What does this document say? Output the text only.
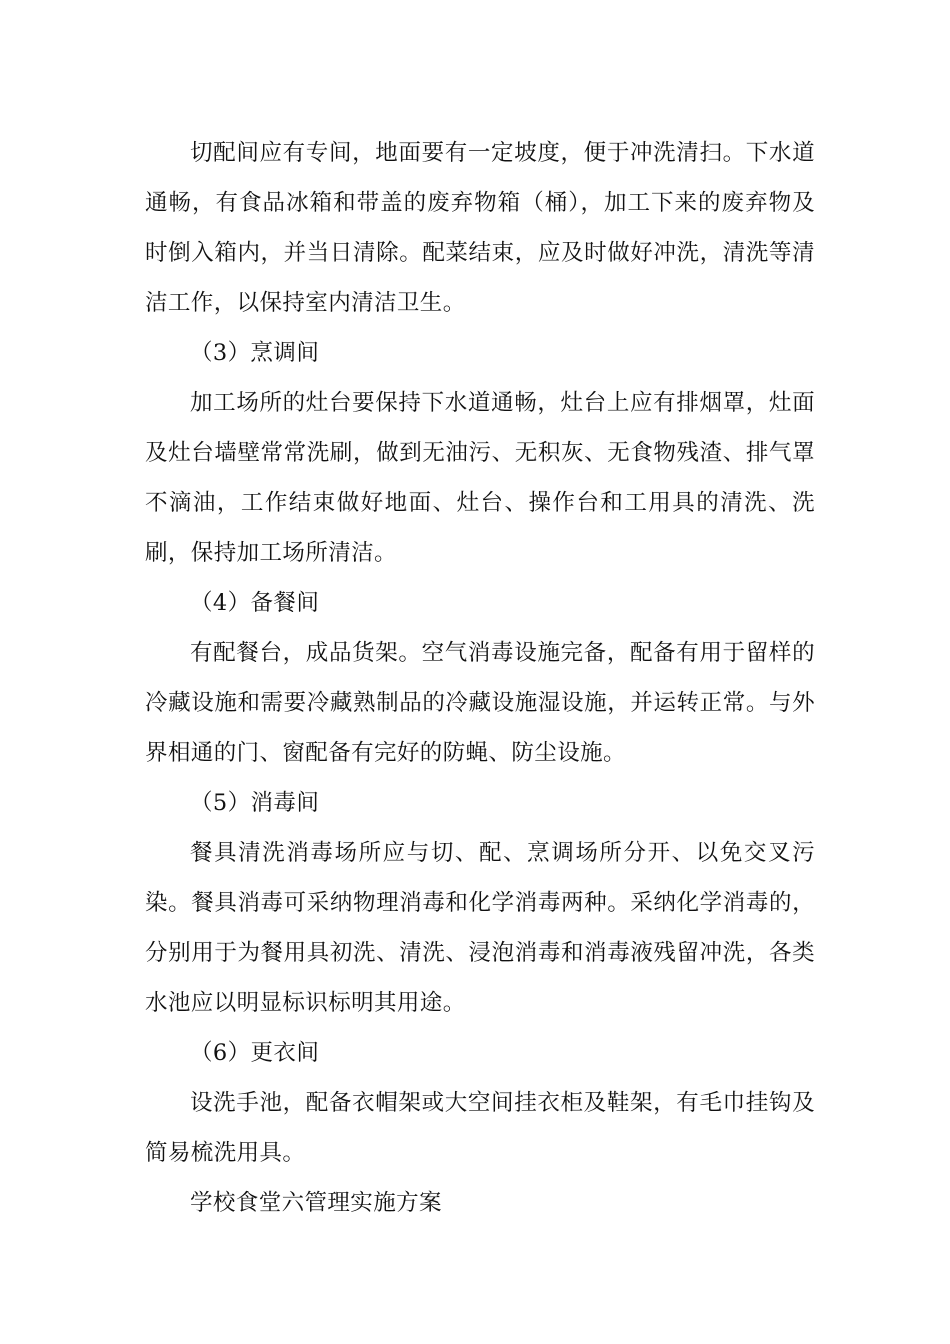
切配间应有专间，地面要有一定坡度，便于冲洗清扫。下水道通畅，有食品冰箱和带盖的废弃物箱（桶），加工下来的废弃物及时倒入箱内，并当日清除。配菜结束，应及时做好冲洗，清洗等清洁工作，以保持室内清洁卫生。

（3）烹调间

加工场所的灶台要保持下水道通畅，灶台上应有排烟罩，灶面及灶台墙壁常常洗刷，做到无油污、无积灰、无食物残渣、排气罩不滴油，工作结束做好地面、灶台、操作台和工用具的清洗、洗刷，保持加工场所清洁。

（4）备餐间

有配餐台，成品货架。空气消毒设施完备，配备有用于留样的冷藏设施和需要冷藏熟制品的冷藏设施湿设施，并运转正常。与外界相通的门、窗配备有完好的防蝇、防尘设施。

（5）消毒间

餐具清洗消毒场所应与切、配、烹调场所分开、以免交叉污染。餐具消毒可采纳物理消毒和化学消毒两种。采纳化学消毒的，分别用于为餐用具初洗、清洗、浸泡消毒和消毒液残留冲洗，各类水池应以明显标识标明其用途。

（6）更衣间

设洗手池，配备衣帽架或大空间挂衣柜及鞋架，有毛巾挂钩及简易梳洗用具。

学校食堂六管理实施方案
